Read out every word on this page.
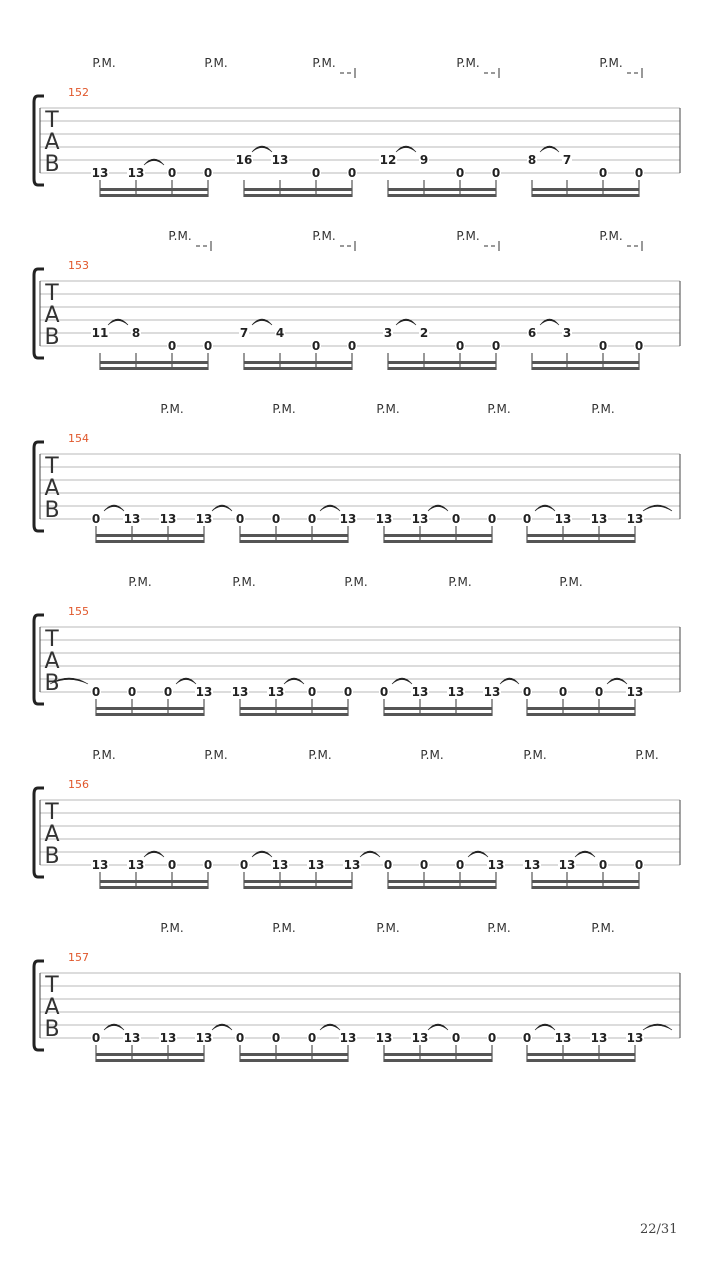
P.M.	P.M.	P.M.	P.M.	P.M.
152
T
A
B	13 13 0 0
16 13
0 0
12 9
0 0
8 7
0 0
P.M.	P.M.	P.M.	P.M.
153
T
A
B	11 8
0 0
7 4
0 0
3 2
0 0
6 3
0 0
P.M.	P.M.	P.M.	P.M.	P.M.
154
T
A
B	0 13 13 13 0 0 0 13 13 13 0 0 0 13 13 13
P.M.	P.M.	P.M.	P.M.	P.M.
155
T
A
B	0 0 0 13 13 13 0 0 0 13 13 13 0 0 0 13
P.M.	P.M.	P.M.	P.M.	P.M.	P.M.
156
T
A
B	13 13 0 0 0 13 13 13 0 0 0 13 13 13 0 0
P.M.	P.M.	P.M.	P.M.	P.M.
157
T
A
B	0 13 13 13 0 0 0 13 13 13 0 0 0 13 13 13
22/31
